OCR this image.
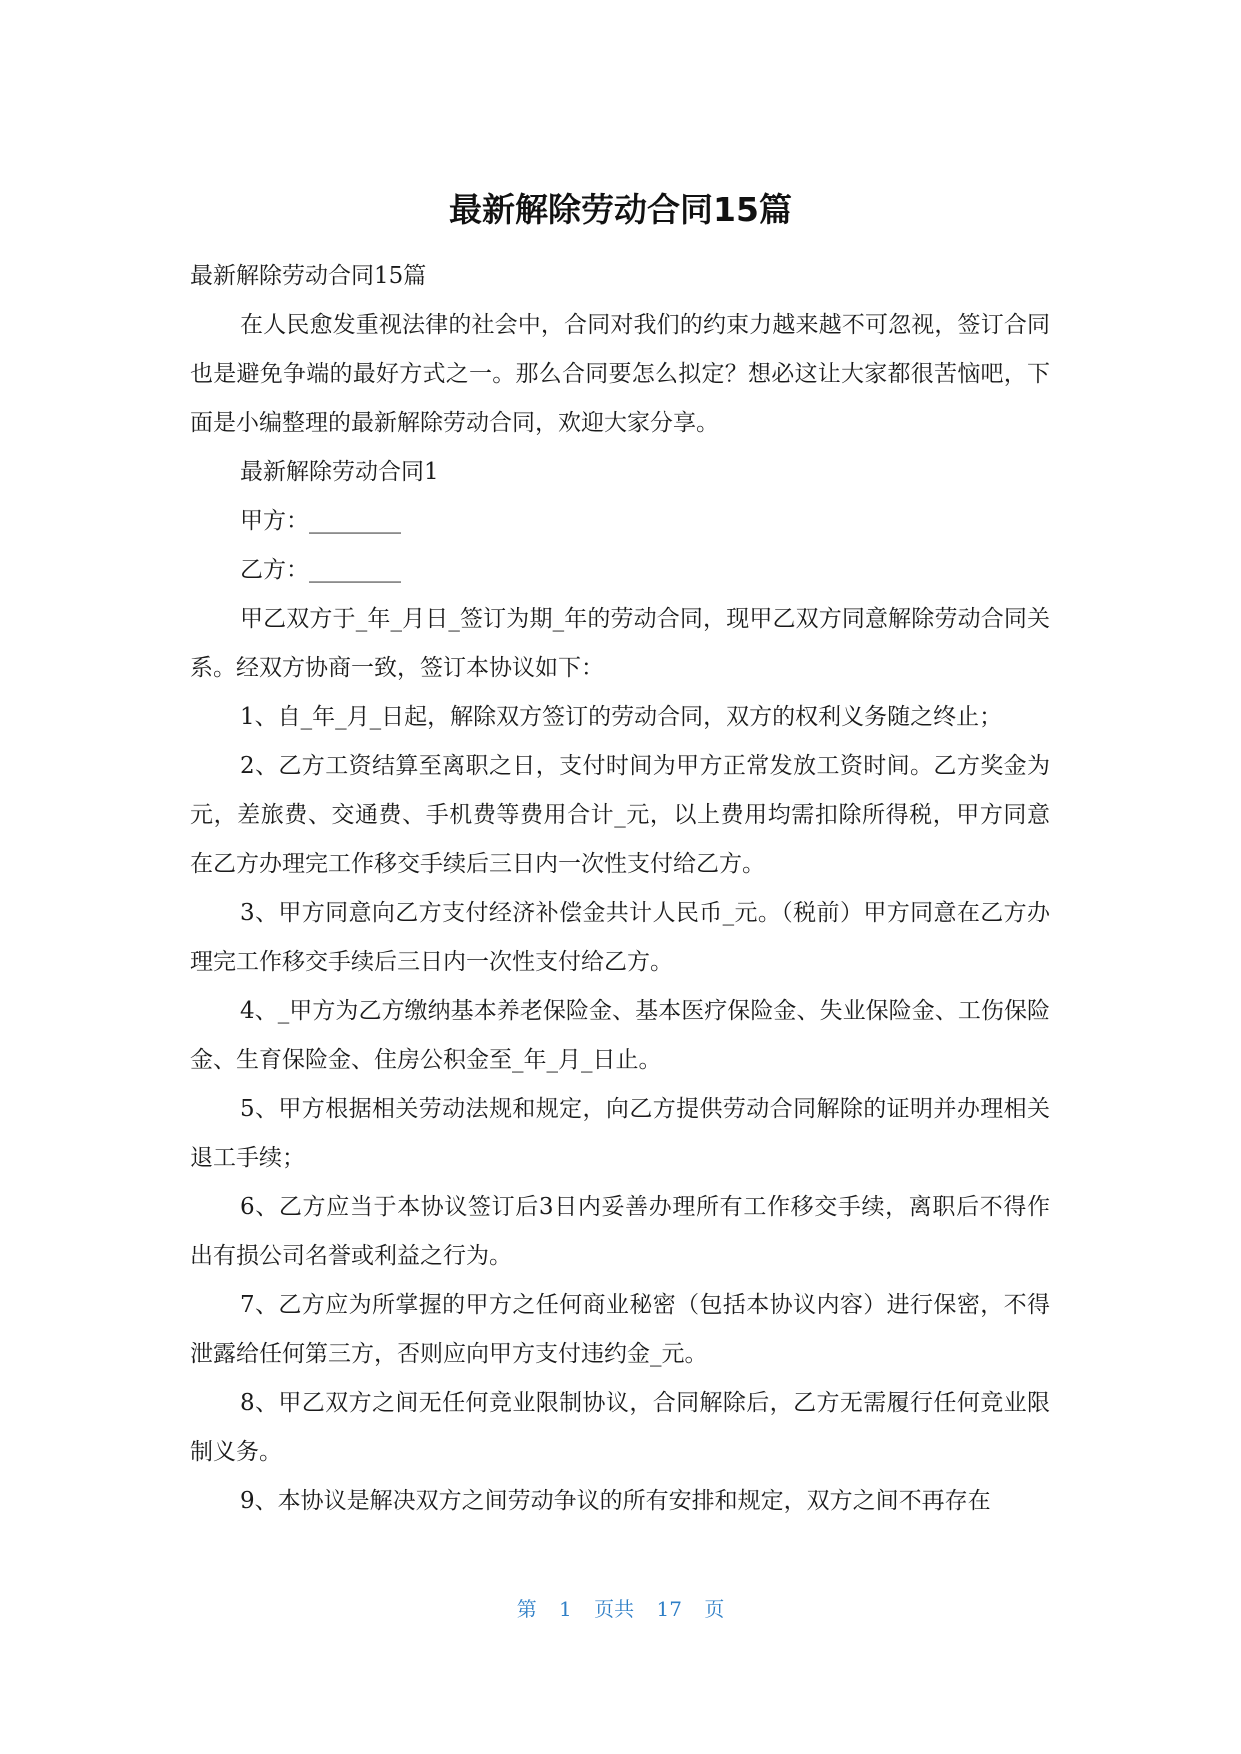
最新解除劳动合同15篇

最新解除劳动合同15篇

在人民愈发重视法律的社会中，合同对我们的约束力越来越不可忽视，签订合同也是避免争端的最好方式之一。那么合同要怎么拟定？想必这让大家都很苦恼吧，下面是小编整理的最新解除劳动合同，欢迎大家分享。

最新解除劳动合同1

甲方：________

乙方：________

甲乙双方于_年_月日_签订为期_年的劳动合同，现甲乙双方同意解除劳动合同关系。经双方协商一致，签订本协议如下：

1、自_年_月_日起，解除双方签订的劳动合同，双方的权利义务随之终止；

2、乙方工资结算至离职之日，支付时间为甲方正常发放工资时间。乙方奖金为元，差旅费、交通费、手机费等费用合计_元，以上费用均需扣除所得税，甲方同意在乙方办理完工作移交手续后三日内一次性支付给乙方。

3、甲方同意向乙方支付经济补偿金共计人民币_元。（税前）甲方同意在乙方办理完工作移交手续后三日内一次性支付给乙方。

4、_甲方为乙方缴纳基本养老保险金、基本医疗保险金、失业保险金、工伤保险金、生育保险金、住房公积金至_年_月_日止。

5、甲方根据相关劳动法规和规定，向乙方提供劳动合同解除的证明并办理相关退工手续；

6、乙方应当于本协议签订后3日内妥善办理所有工作移交手续，离职后不得作出有损公司名誉或利益之行为。

7、乙方应为所掌握的甲方之任何商业秘密（包括本协议内容）进行保密，不得泄露给任何第三方，否则应向甲方支付违约金_元。

8、甲乙双方之间无任何竞业限制协议，合同解除后，乙方无需履行任何竞业限制义务。

9、本协议是解决双方之间劳动争议的所有安排和规定，双方之间不再存在

第 1 页共 17 页
